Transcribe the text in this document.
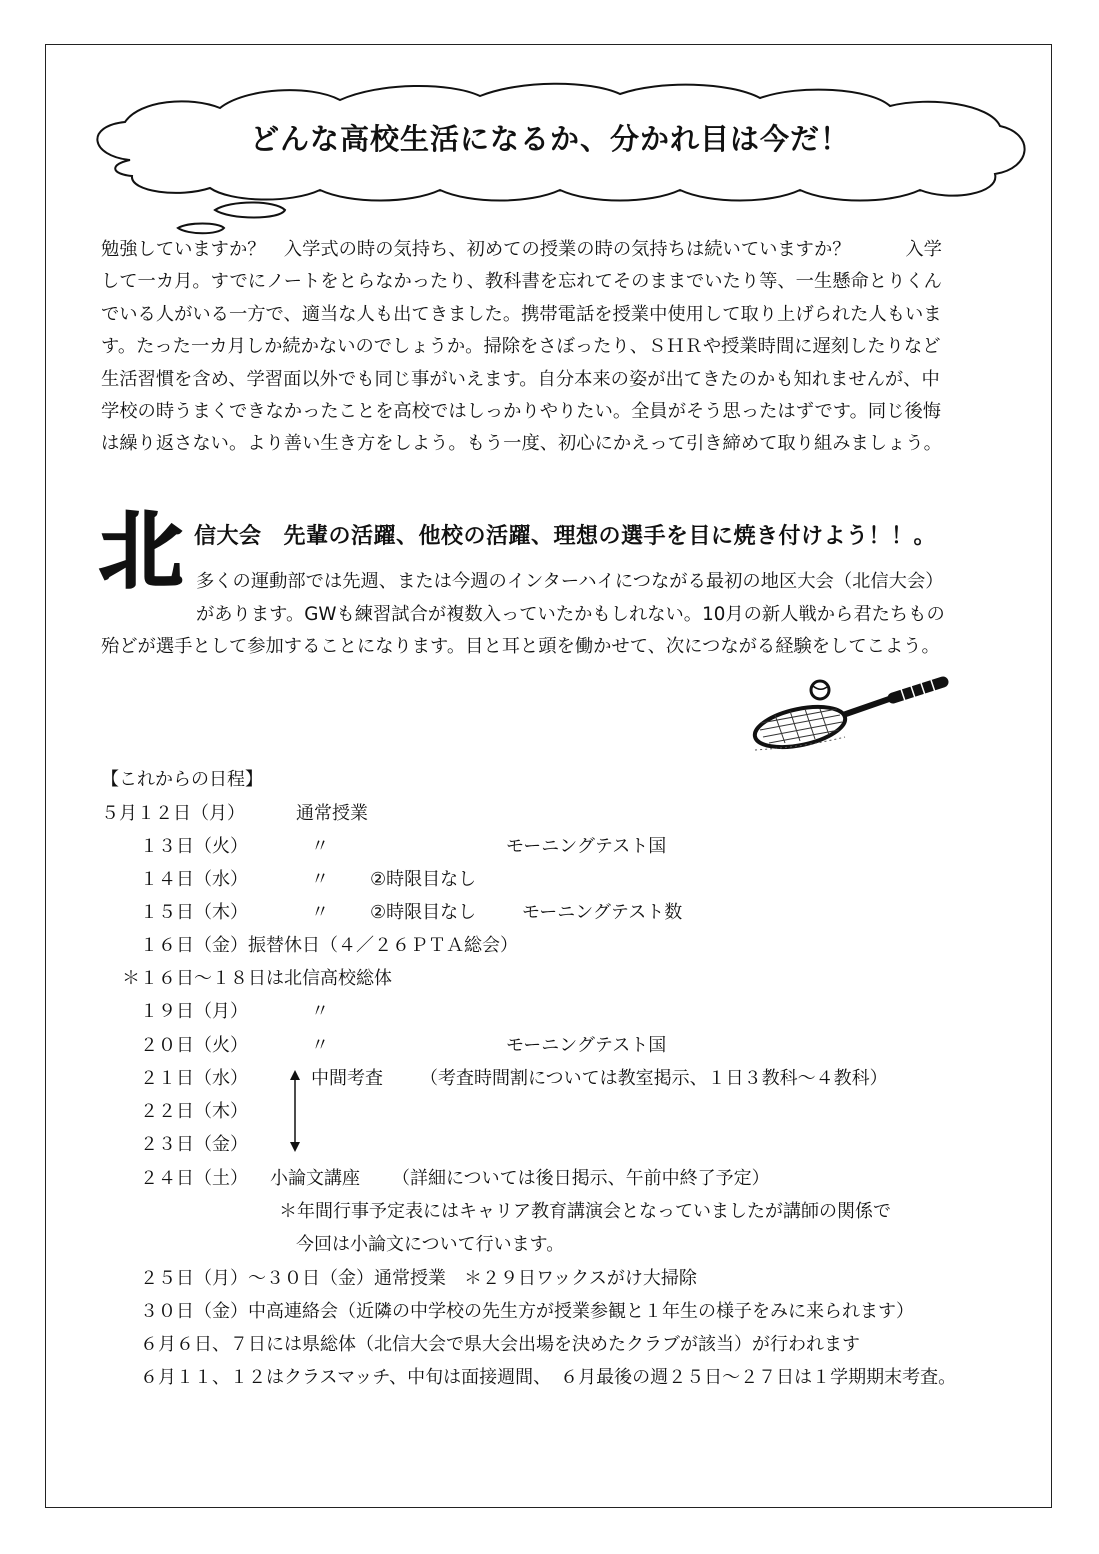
どんな高校生活になるか、分かれ目は今だ！
勉強していますか？　入学式の時の気持ち、初めての授業の時の気持ちは続いていますか？　　　入学
して一カ月。すでにノートをとらなかったり、教科書を忘れてそのままでいたり等、一生懸命とりくん
でいる人がいる一方で、適当な人も出てきました。携帯電話を授業中使用して取り上げられた人もいま
す。たった一カ月しか続かないのでしょうか。掃除をさぼったり、ＳＨＲや授業時間に遅刻したりなど
生活習慣を含め、学習面以外でも同じ事がいえます。自分本来の姿が出てきたのかも知れませんが、中
学校の時うまくできなかったことを高校ではしっかりやりたい。全員がそう思ったはずです。同じ後悔
は繰り返さない。より善い生き方をしよう。もう一度、初心にかえって引き締めて取り組みましょう。
北 信大会 先輩の活躍、他校の活躍、理想の選手を目に焼き付けよう！！。
多くの運動部では先週、または今週のインターハイにつながる最初の地区大会（北信大会）
があります。GWも練習試合が複数入っていたかもしれない。10月の新人戦から君たちもの
殆どが選手として参加することになります。目と耳と頭を働かせて、次につながる経験をしてこよう。
【これからの日程】
５月１２日（月）	通常授業
１３日（火）	〃	モーニングテスト国
１４日（水）	〃 ②時限目なし
１５日（木）	〃 ②時限目なし	モーニングテスト数
１６日（金）振替休日（４／２６ＰＴＡ総会）
＊１６日～１８日は北信高校総体
１９日（月）	〃
２０日（火）	〃	モーニングテスト国
２１日（水）	中間考査 （考査時間割については教室掲示、１日３教科～４教科）
２２日（木）
２３日（金）
２４日（土） 小論文講座 （詳細については後日掲示、午前中終了予定）
＊年間行事予定表にはキャリア教育講演会となっていましたが講師の関係で
今回は小論文について行います。
２５日（月）～３０日（金）通常授業　＊２９日ワックスがけ大掃除
３０日（金）中高連絡会（近隣の中学校の先生方が授業参観と１年生の様子をみに来られます）
６月６日、７日には県総体（北信大会で県大会出場を決めたクラブが該当）が行われます
６月１１、１２はクラスマッチ、中旬は面接週間、　６月最後の週２５日～２７日は１学期期末考査。
